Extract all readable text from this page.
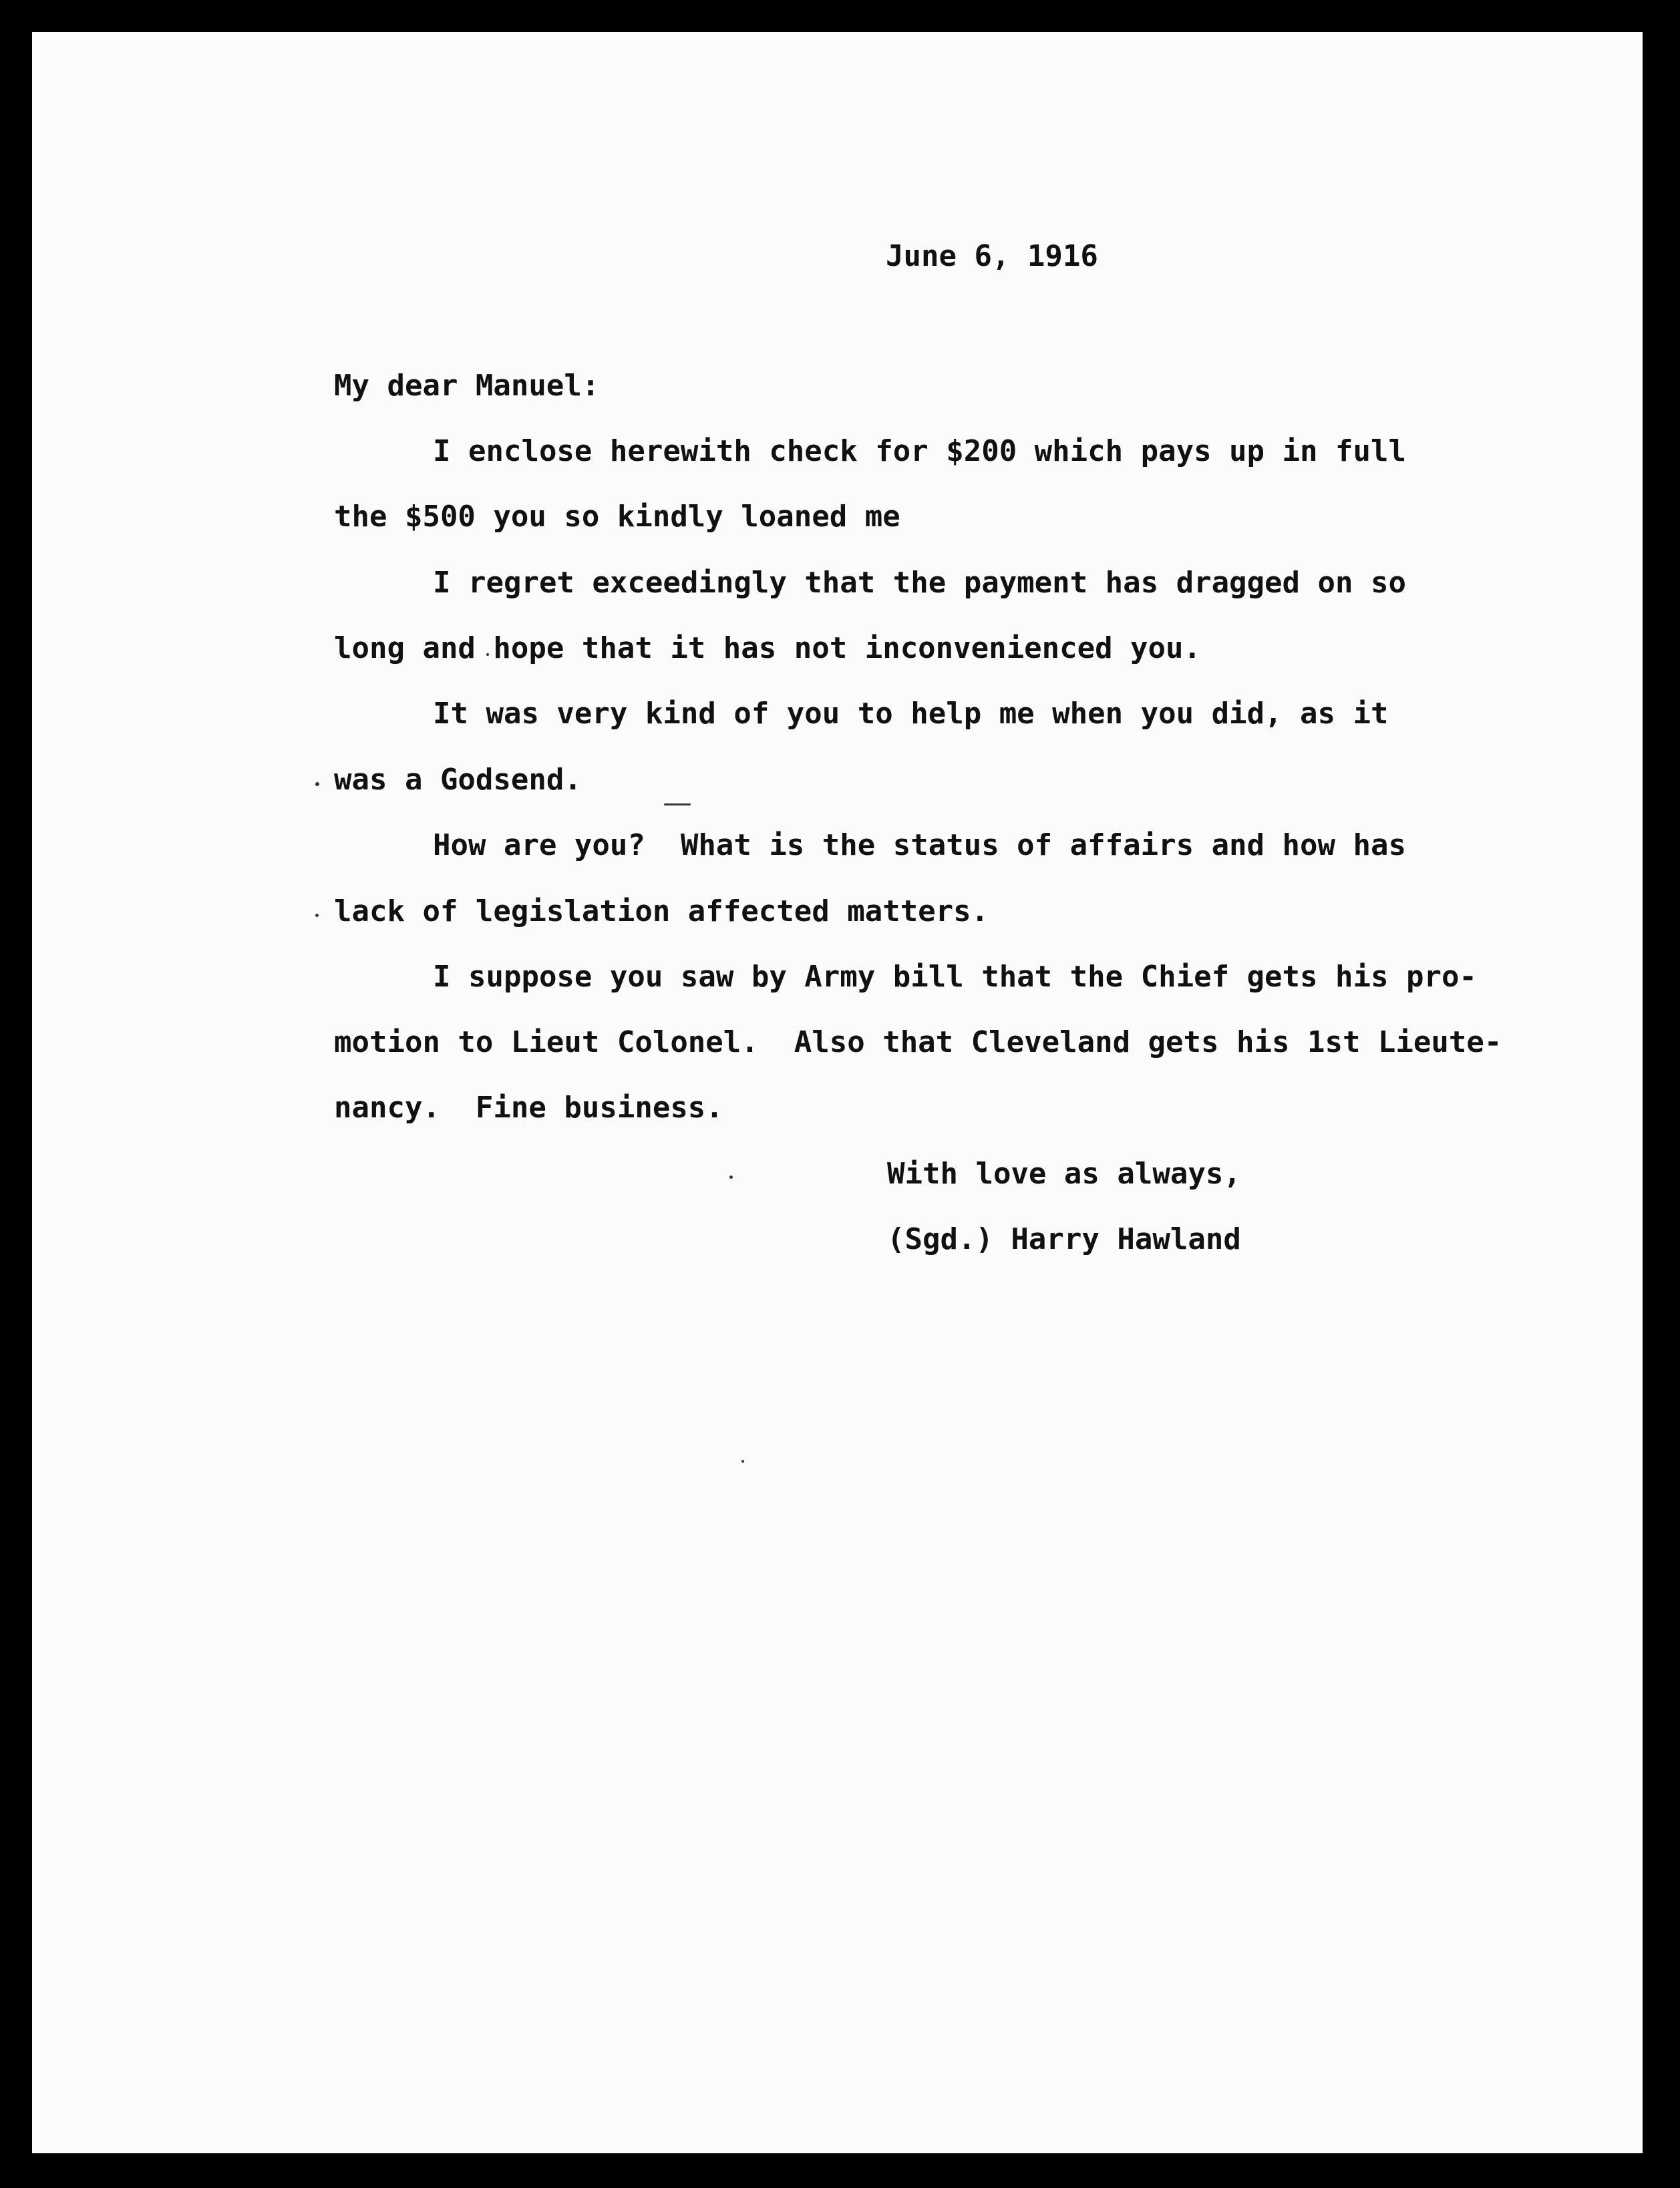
June 6, 1916

My dear Manuel:

I enclose herewith check for $200 which pays up in full

the $500 you so kindly loaned me

I regret exceedingly that the payment has dragged on so

long and hope that it has not inconvenienced you.

It was very kind of you to help me when you did, as it

was a Godsend.

How are you?  What is the status of affairs and how has

lack of legislation affected matters.

I suppose you saw by Army bill that the Chief gets his pro-

motion to Lieut Colonel.  Also that Cleveland gets his 1st Lieute-

nancy.  Fine business.

With love as always,

(Sgd.) Harry Hawland
